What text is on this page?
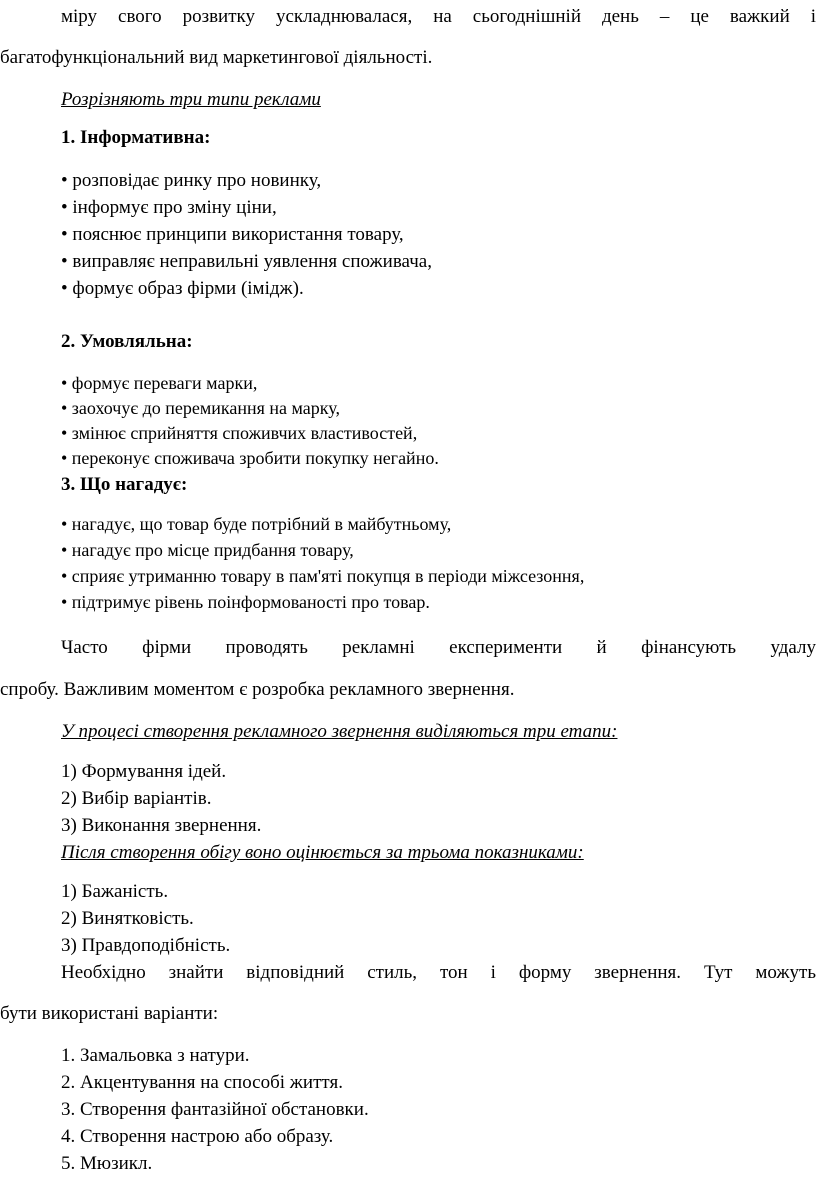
міру свого розвитку ускладнювалася, на сьогоднішній день – це важкий і
багатофункціональний вид маркетингової діяльності.
Розрізняють три типи реклами
1. Інформативна:
• розповідає ринку про новинку,
• інформує про зміну ціни,
• пояснює принципи використання товару,
• виправляє неправильні уявлення споживача,
• формує образ фірми (імідж).
2. Умовляльна:
• формує переваги марки,
• заохочує до перемикання на марку,
• змінює сприйняття споживчих властивостей,
• переконує споживача зробити покупку негайно.
3. Що нагадує:
• нагадує, що товар буде потрібний в майбутньому,
• нагадує про місце придбання товару,
• сприяє утриманню товару в пам'яті покупця в періоди міжсезоння,
• підтримує рівень поінформованості про товар.
Часто фірми проводять рекламні експерименти й фінансують удалу
спробу. Важливим моментом є розробка рекламного звернення.
У процесі створення рекламного звернення виділяються три етапи:
1) Формування ідей.
2) Вибір варіантів.
3) Виконання звернення.
Після створення обігу воно оцінюється за трьома показниками:
1) Бажаність.
2) Винятковість.
3) Правдоподібність.
Необхідно знайти відповідний стиль, тон і форму звернення. Тут можуть
бути використані варіанти:
1. Замальовка з натури.
2. Акцентування на способі життя.
3. Створення фантазійної обстановки.
4. Створення настрою або образу.
5. Мюзикл.
